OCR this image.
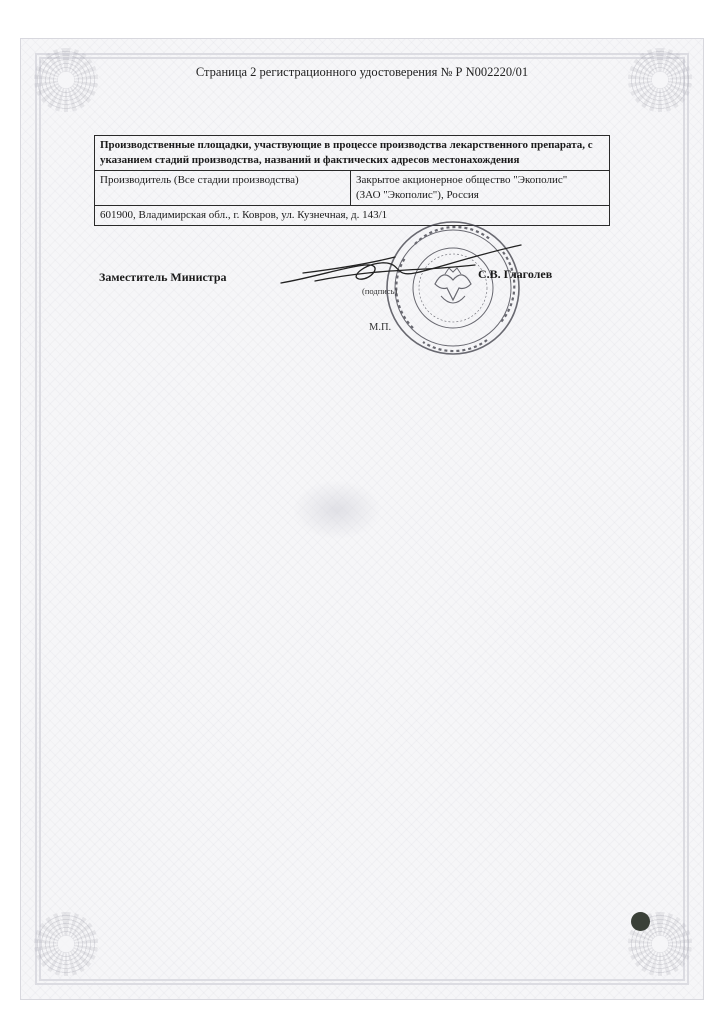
Страница 2 регистрационного удостоверения № Р N002220/01
Производственные площадки, участвующие в процессе производства лекарственного препарата, с указанием стадий производства, названий и фактических адресов местонахождения
Производитель (Все стадии производства)	Закрытое акционерное общество "Экополис"
(ЗАО "Экополис"), Россия

601900, Владимирская обл., г. Ковров, ул. Кузнечная, д. 143/1
Заместитель Министра
(подпись)
М.П.
С.В. Глаголев
